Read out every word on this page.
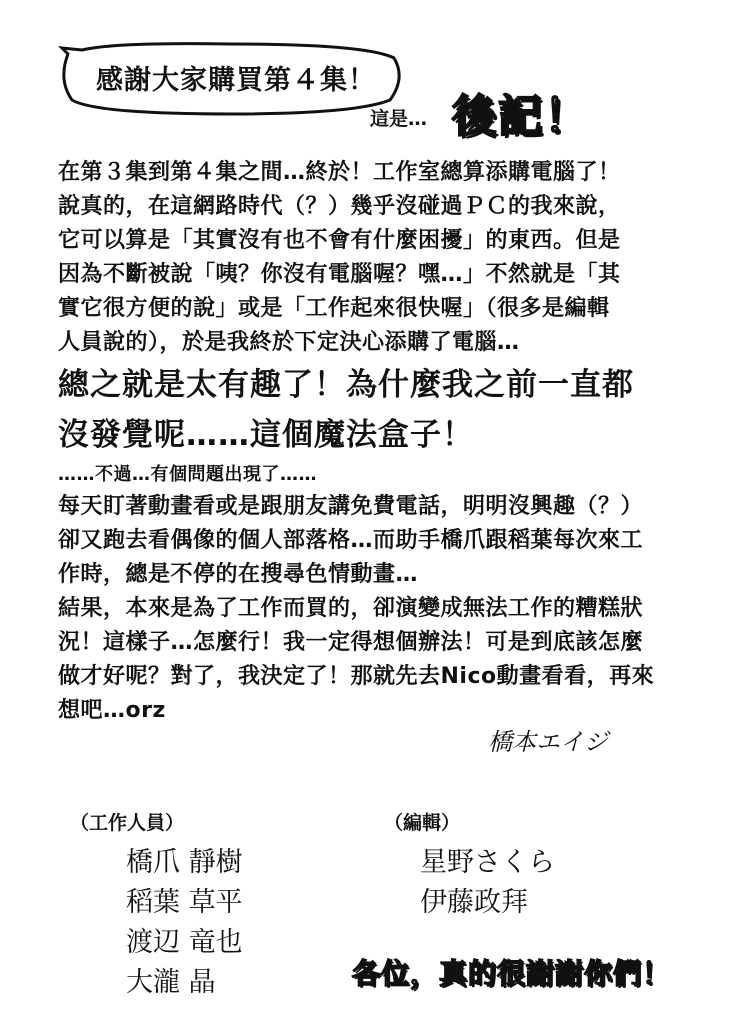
感謝大家購買第４集！
這是… 後記！
在第３集到第４集之間…終於！工作室總算添購電腦了！
說真的，在這網路時代（？）幾乎沒碰過ＰＣ的我來說，
它可以算是「其實沒有也不會有什麼困擾」的東西。但是
因為不斷被說「咦？你沒有電腦喔？嘿…」不然就是「其
實它很方便的說」或是「工作起來很快喔」（很多是編輯
人員說的），於是我終於下定決心添購了電腦…
總之就是太有趣了！為什麼我之前一直都
沒發覺呢……這個魔法盒子！
……不過…有個問題出現了……
每天盯著動畫看或是跟朋友講免費電話，明明沒興趣（？）
卻又跑去看偶像的個人部落格…而助手橋爪跟稻葉每次來工
作時，總是不停的在搜尋色情動畫…
結果，本來是為了工作而買的，卻演變成無法工作的糟糕狀
況！這樣子…怎麼行！我一定得想個辦法！可是到底該怎麼
做才好呢？對了，我決定了！那就先去Nico動畫看看，再來
想吧…orz
橋本エイジ
（工作人員）
橋爪 靜樹
稻葉 草平
渡辺 竜也
大瀧 晶
（編輯）
星野さくら
伊藤政拜
各位，真的很謝謝你們！
